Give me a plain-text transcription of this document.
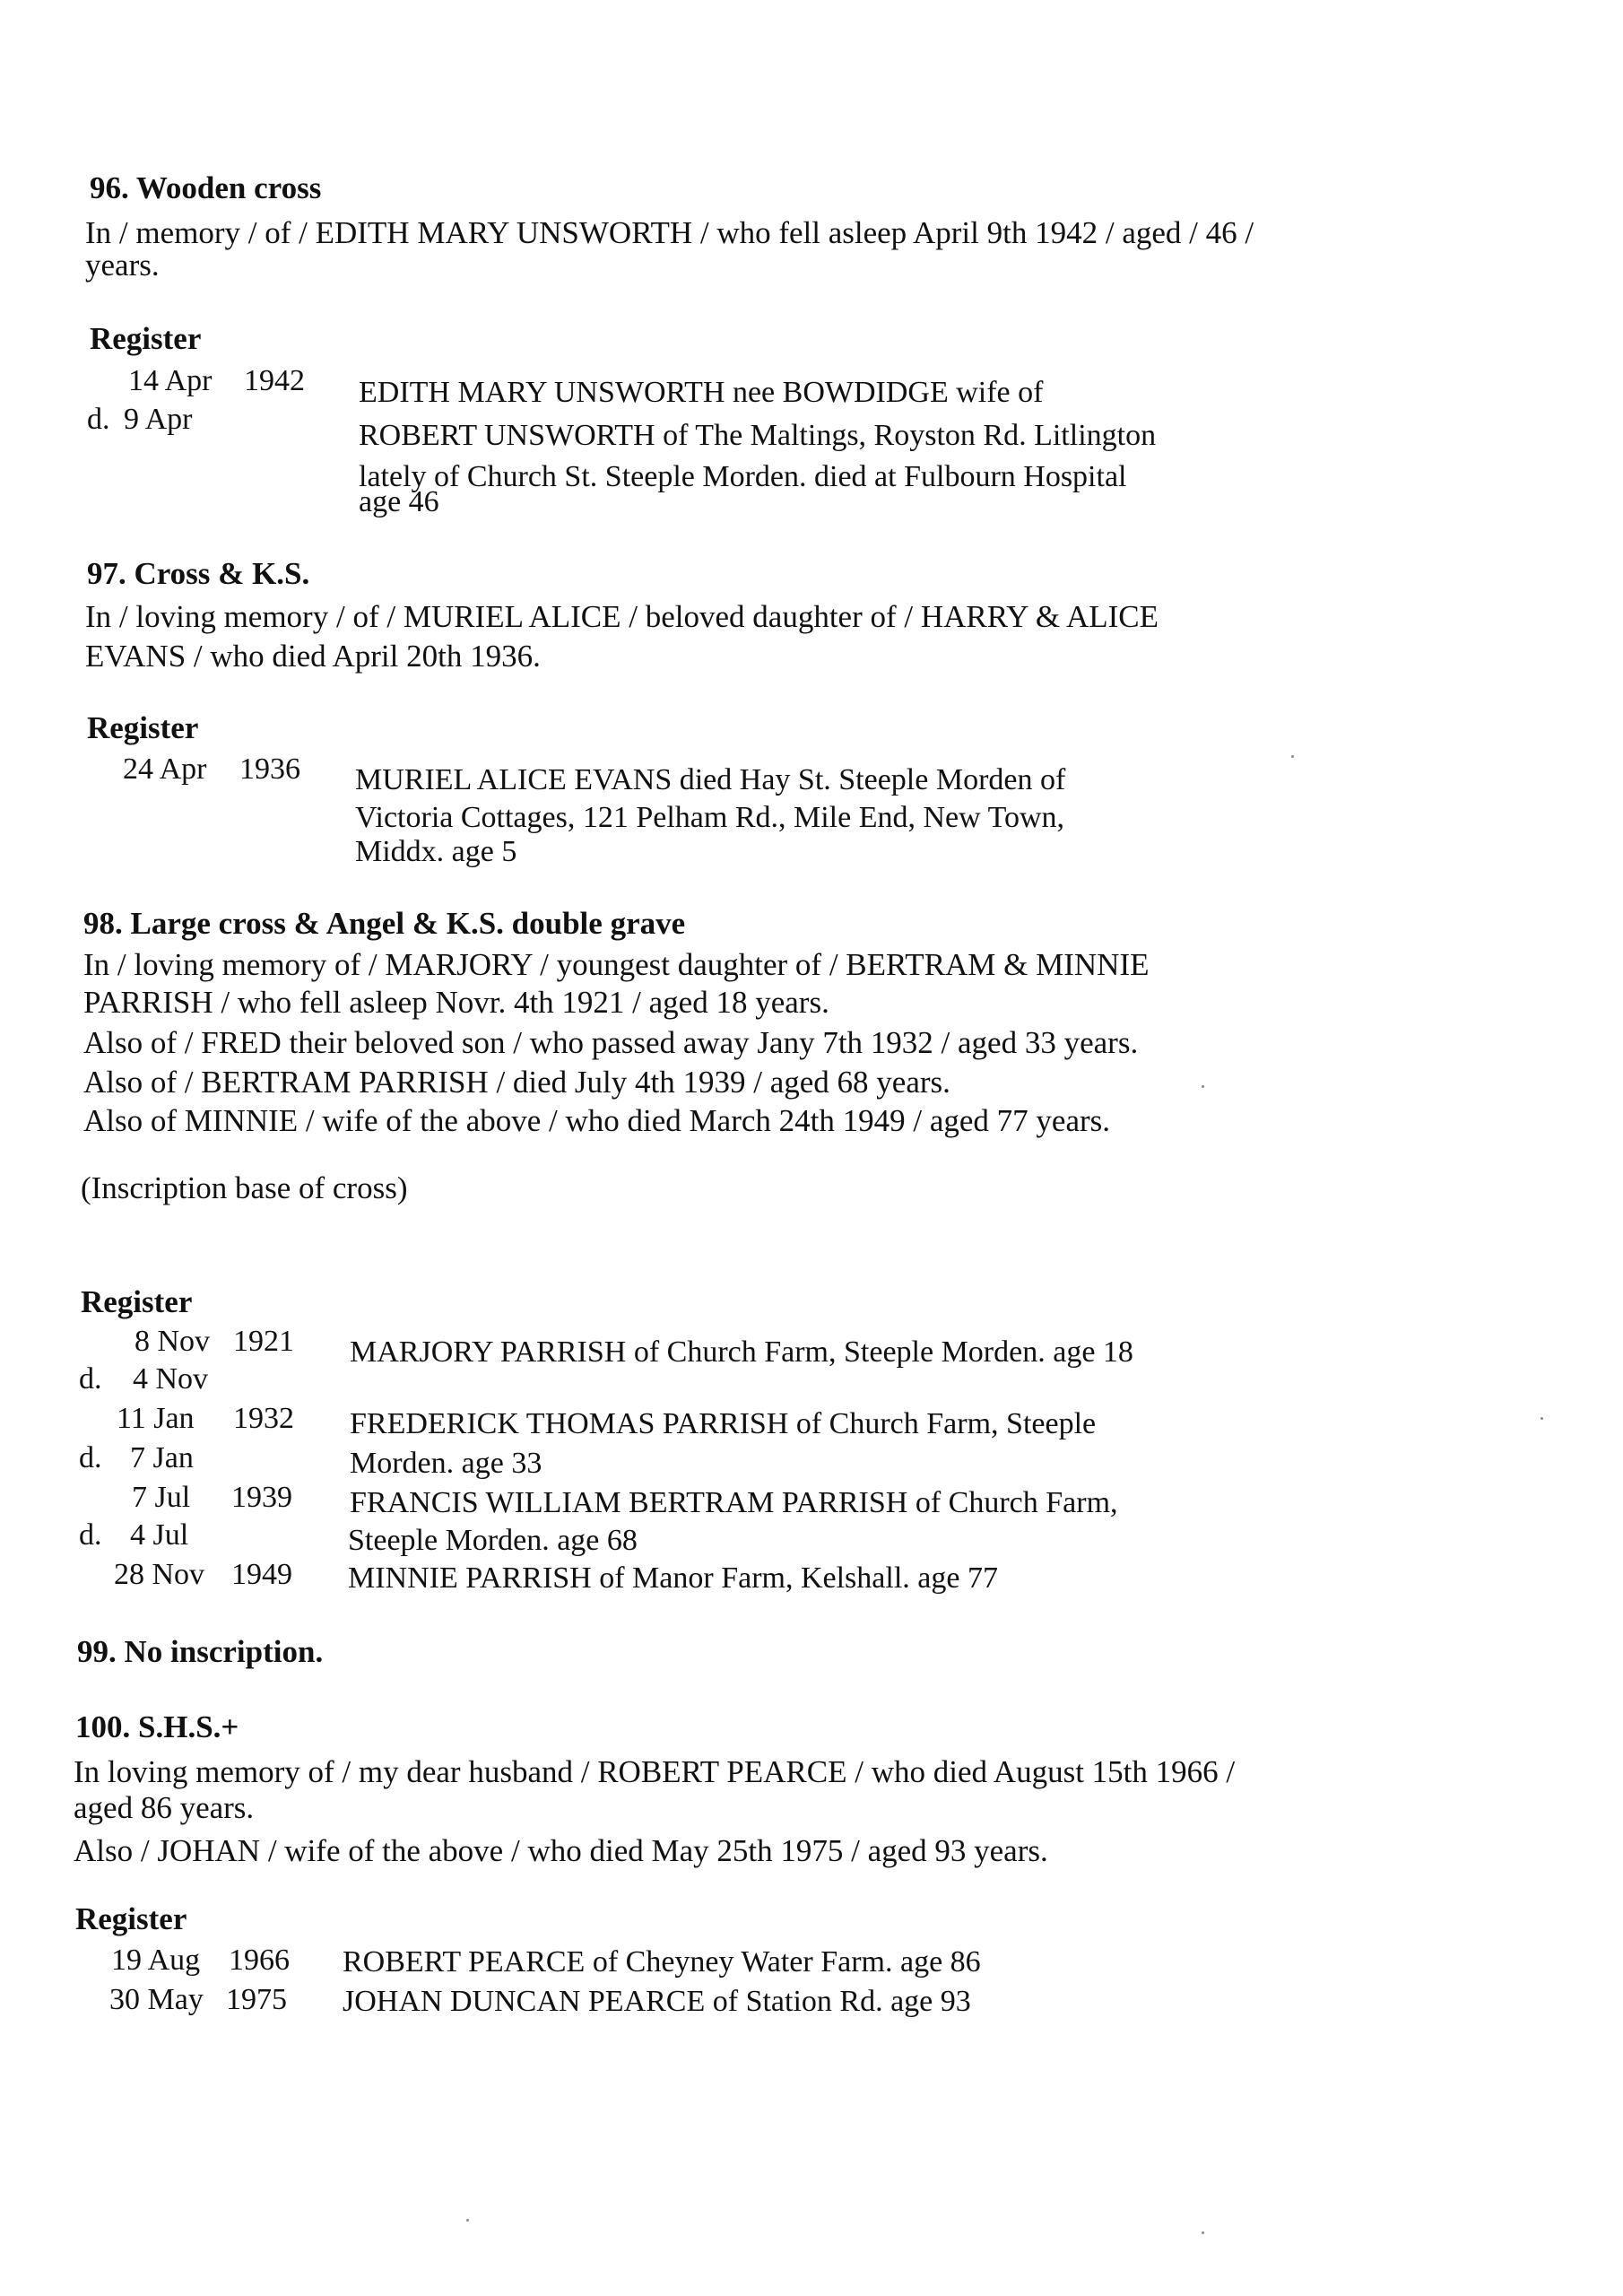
96. Wooden cross
In / memory / of / EDITH MARY UNSWORTH / who fell asleep April 9th 1942 / aged / 46 /
years.
Register
14 Apr 1942 EDITH MARY UNSWORTH nee BOWDIDGE wife of
d. 9 Apr	ROBERT UNSWORTH of The Maltings, Royston Rd. Litlington
lately of Church St. Steeple Morden. died at Fulbourn Hospital
age 46
97. Cross & K.S.
In / loving memory / of / MURIEL ALICE / beloved daughter of / HARRY & ALICE
EVANS / who died April 20th 1936.
Register
24 Apr 1936 MURIEL ALICE EVANS died Hay St. Steeple Morden of
Victoria Cottages, 121 Pelham Rd., Mile End, New Town,
Middx. age 5
98. Large cross & Angel & K.S. double grave
In / loving memory of / MARJORY / youngest daughter of / BERTRAM & MINNIE
PARRISH / who fell asleep Novr. 4th 1921 / aged 18 years.
Also of / FRED their beloved son / who passed away Jany 7th 1932 / aged 33 years.
Also of / BERTRAM PARRISH / died July 4th 1939 / aged 68 years.
Also of MINNIE / wife of the above / who died March 24th 1949 / aged 77 years.
(Inscription base of cross)
Register
8 Nov 1921 MARJORY PARRISH of Church Farm, Steeple Morden. age 18
d. 4 Nov
11 Jan 1932 FREDERICK THOMAS PARRISH of Church Farm, Steeple
d. 7 Jan	Morden. age 33
7 Jul 1939 FRANCIS WILLIAM BERTRAM PARRISH of Church Farm,
d. 4 Jul	Steeple Morden. age 68
28 Nov 1949 MINNIE PARRISH of Manor Farm, Kelshall. age 77
99. No inscription.
100. S.H.S.+
In loving memory of / my dear husband / ROBERT PEARCE / who died August 15th 1966 /
aged 86 years.
Also / JOHAN / wife of the above / who died May 25th 1975 / aged 93 years.
Register
19 Aug 1966 ROBERT PEARCE of Cheyney Water Farm. age 86
30 May 1975 JOHAN DUNCAN PEARCE of Station Rd. age 93
